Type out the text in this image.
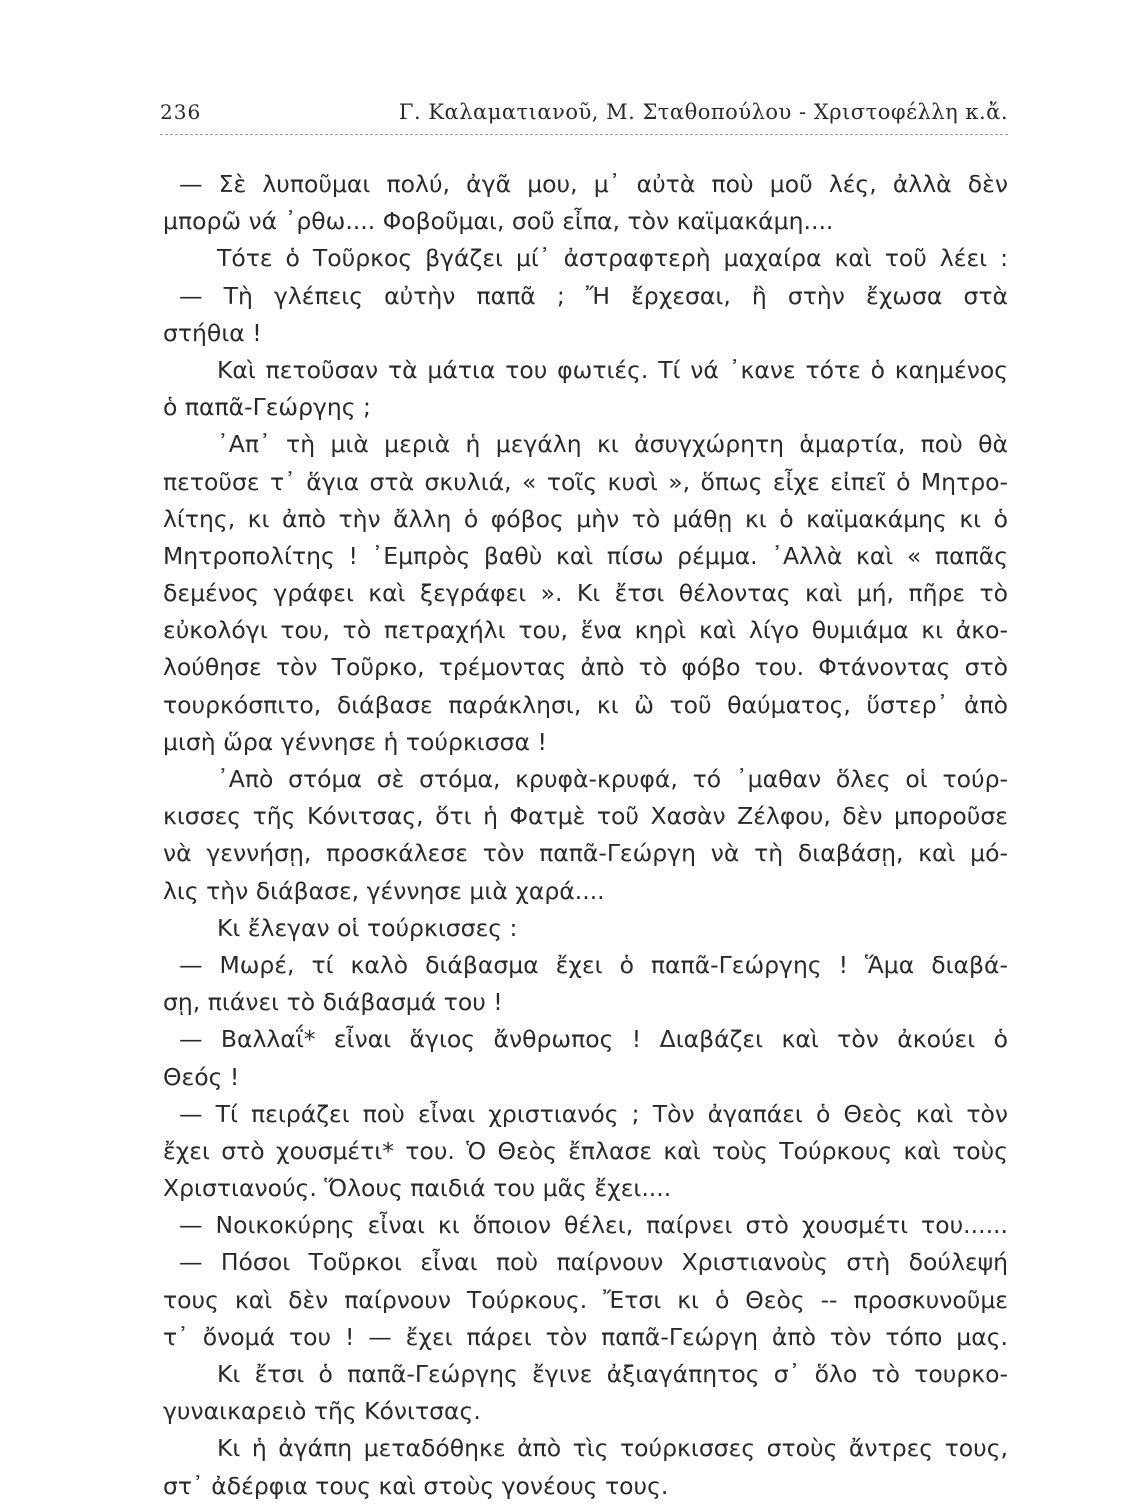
236	Γ. Καλαματιανοῦ, Μ. Σταθοπούλου - Χριστοφέλλη κ.ἄ.
— Σὲ λυποῦμαι πολύ, ἀγᾶ μου, μ᾽ αὐτὰ ποὺ μοῦ λές, ἀλλὰ δὲν
μπορῶ νά ᾽ρθω.... Φοβοῦμαι, σοῦ εἶπα, τὸν καϊμακάμη....
Τότε ὁ Τοῦρκος βγάζει μί᾽ ἀστραφτερὴ μαχαίρα καὶ τοῦ λέει :
— Τὴ γλέπεις αὐτὴν παπᾶ ; Ἤ ἔρχεσαι, ἢ στὴν ἔχωσα στὰ
στήθια !
Καὶ πετοῦσαν τὰ μάτια του φωτιές. Τί νά ᾽κανε τότε ὁ καημένος
ὁ παπᾶ-Γεώργης ;
᾽Απ᾽ τὴ μιὰ μεριὰ ἡ μεγάλη κι ἀσυγχώρητη ἁμαρτία, ποὺ θὰ
πετοῦσε τ᾽ ἅγια στὰ σκυλιά, « τοῖς κυσὶ », ὅπως εἶχε εἰπεῖ ὁ Μητρο-
λίτης, κι ἀπὸ τὴν ἄλλη ὁ φόβος μὴν τὸ μάθῃ κι ὁ καϊμακάμης κι ὁ
Μητροπολίτης ! ᾽Εμπρὸς βαθὺ καὶ πίσω ρέμμα. ᾽Αλλὰ καὶ « παπᾶς
δεμένος γράφει καὶ ξεγράφει ». Κι ἔτσι θέλοντας καὶ μή, πῆρε τὸ
εὐκολόγι του, τὸ πετραχήλι του, ἕνα κηρὶ καὶ λίγο θυμιάμα κι ἀκο-
λούθησε τὸν Τοῦρκο, τρέμοντας ἀπὸ τὸ φόβο του. Φτάνοντας στὸ
τουρκόσπιτο, διάβασε παράκλησι, κι ὢ τοῦ θαύματος, ὕστερ᾽ ἀπὸ
μισὴ ὥρα γέννησε ἡ τούρκισσα !
᾽Απὸ στόμα σὲ στόμα, κρυφὰ-κρυφά, τό ᾽μαθαν ὅλες οἱ τούρ-
κισσες τῆς Κόνιτσας, ὅτι ἡ Φατμὲ τοῦ Χασὰν Ζέλφου, δὲν μποροῦσε
νὰ γεννήσῃ, προσκάλεσε τὸν παπᾶ-Γεώργη νὰ τὴ διαβάσῃ, καὶ μό-
λις τὴν διάβασε, γέννησε μιὰ χαρά....
Κι ἔλεγαν οἱ τούρκισσες :
— Μωρέ, τί καλὸ διάβασμα ἔχει ὁ παπᾶ-Γεώργης ! Ἅμα διαβά-
σῃ, πιάνει τὸ διάβασμά του !
— Βαλλαΐ* εἶναι ἅγιος ἄνθρωπος ! Διαβάζει καὶ τὸν ἀκούει ὁ
Θεός !
— Τί πειράζει ποὺ εἶναι χριστιανός ; Τὸν ἀγαπάει ὁ Θεὸς καὶ τὸν
ἔχει στὸ χουσμέτι* του. Ὁ Θεὸς ἔπλασε καὶ τοὺς Τούρκους καὶ τοὺς
Χριστιανούς. Ὅλους παιδιά του μᾶς ἔχει....
— Νοικοκύρης εἶναι κι ὅποιον θέλει, παίρνει στὸ χουσμέτι του......
— Πόσοι Τοῦρκοι εἶναι ποὺ παίρνουν Χριστιανοὺς στὴ δούλεψή
τους καὶ δὲν παίρνουν Τούρκους. Ἔτσι κι ὁ Θεὸς -- προσκυνοῦμε
τ᾽ ὄνομά του ! — ἔχει πάρει τὸν παπᾶ-Γεώργη ἀπὸ τὸν τόπο μας.
Κι ἔτσι ὁ παπᾶ-Γεώργης ἔγινε ἀξιαγάπητος σ᾽ ὅλο τὸ τουρκο-
γυναικαρειὸ τῆς Κόνιτσας.
Κι ἡ ἀγάπη μεταδόθηκε ἀπὸ τὶς τούρκισσες στοὺς ἄντρες τους,
στ᾽ ἀδέρφια τους καὶ στοὺς γονέους τους.
